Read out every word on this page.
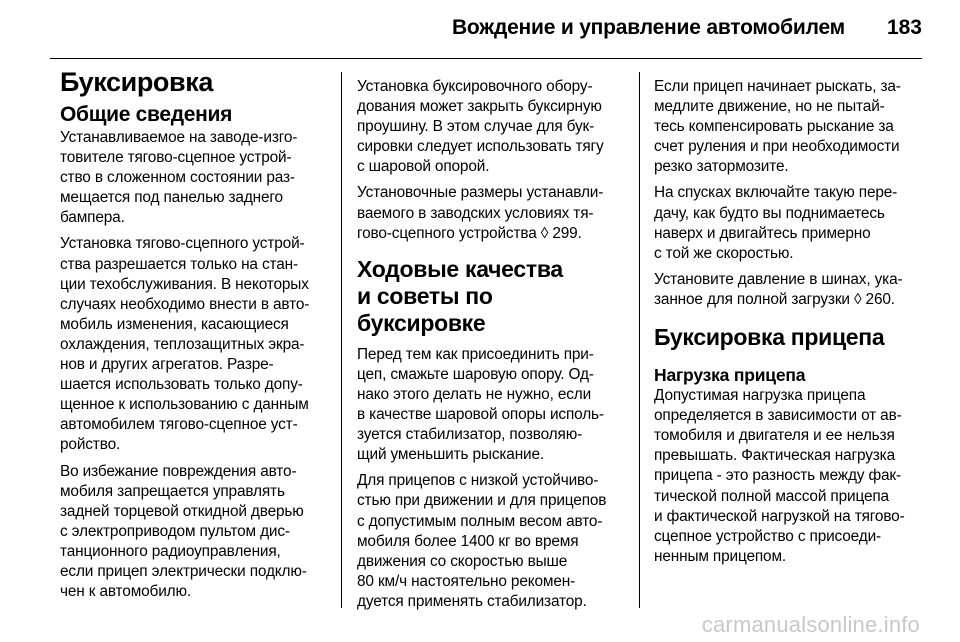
Вождение и управление автомобилем 183
Буксировка
Общие сведения
Устанавливаемое на заводе-изго-
товителе тягово-сцепное устрой-
ство в сложенном состоянии раз-
мещается под панелью заднего
бампера.
Установка тягово-сцепного устрой-
ства разрешается только на стан-
ции техобслуживания. В некоторых
случаях необходимо внести в авто-
мобиль изменения, касающиеся
охлаждения, теплозащитных экра-
нов и других агрегатов. Разре-
шается использовать только допу-
щенное к использованию с данным
автомобилем тягово-сцепное уст-
ройство.
Во избежание повреждения авто-
мобиля запрещается управлять
задней торцевой откидной дверью
с электроприводом пультом дис-
танционного радиоуправления,
если прицеп электрически подклю-
чен к автомобилю.
Установка буксировочного обору-
дования может закрыть буксирную
проушину. В этом случае для бук-
сировки следует использовать тягу
с шаровой опорой.
Установочные размеры устанавли-
ваемого в заводских условиях тя-
гово-сцепного устройства ◊ 299.
Ходовые качества
и советы по буксировке
Перед тем как присоединить при-
цеп, смажьте шаровую опору. Од-
нако этого делать не нужно, если
в качестве шаровой опоры исполь-
зуется стабилизатор, позволяю-
щий уменьшить рыскание.
Для прицепов с низкой устойчиво-
стью при движении и для прицепов
с допустимым полным весом авто-
мобиля более 1400 кг во время
движения со скоростью выше
80 км/ч настоятельно рекомен-
дуется применять стабилизатор.
Если прицеп начинает рыскать, за-
медлите движение, но не пытай-
тесь компенсировать рыскание за
счет руления и при необходимости
резко затормозите.
На спусках включайте такую пере-
дачу, как будто вы поднимаетесь
наверх и двигайтесь примерно
с той же скоростью.
Установите давление в шинах, ука-
занное для полной загрузки ◊ 260.
Буксировка прицепа
Нагрузка прицепа
Допустимая нагрузка прицепа
определяется в зависимости от ав-
томобиля и двигателя и ее нельзя
превышать. Фактическая нагрузка
прицепа - это разность между фак-
тической полной массой прицепа
и фактической нагрузкой на тягово-
сцепное устройство с присоеди-
ненным прицепом.
carmanualsonline.info
